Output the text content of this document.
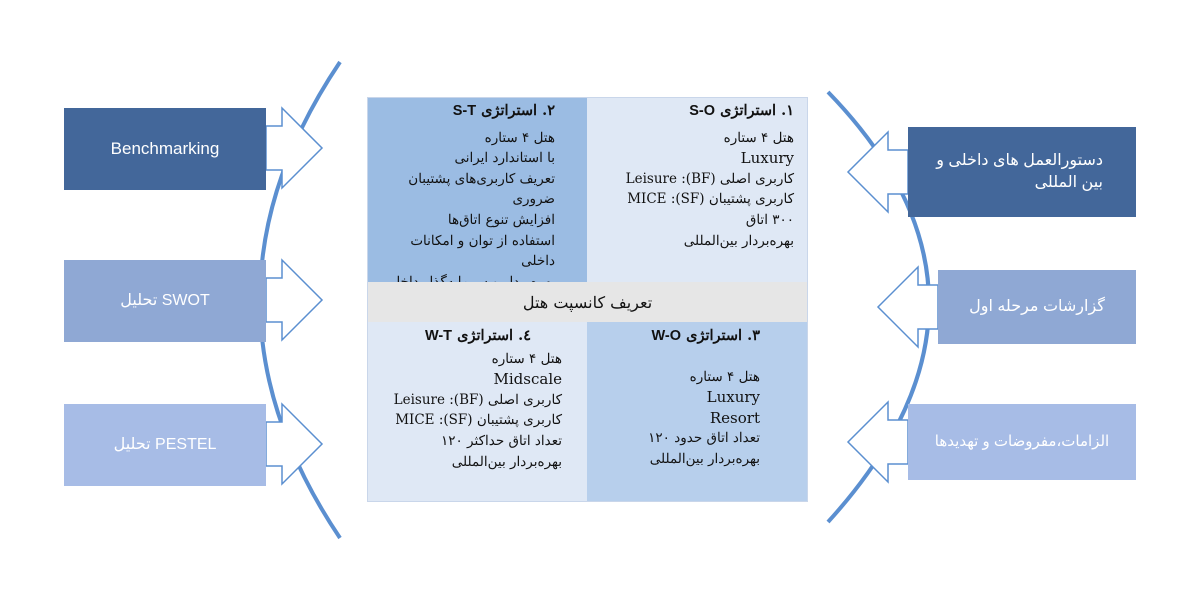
Benchmarking
تحلیل SWOT
تحلیل PESTEL
دستورالعمل های داخلی و بین المللی
گزارشات مرحله اول
الزامات،مفروضات و تهدیدها
۱. استراتژی S-O
هتل ۴ ستاره
Luxury
کاربری اصلی (BF): Leisure
کاربری پشتیبان (SF): MICE
۳۰۰ اتاق
بهره‌بردار بین‌المللی
۲. استراتژی S-T
هتل ۴ ستاره
با استاندارد ایرانی
تعریف کاربری‌های پشتیبان ضروری
افزایش تنوع اتاق‌ها
استفاده از توان و امکانات داخلی
تعریف کانسپت هتل
۳. استراتژی W-O
هتل ۴ ستاره
Luxury
Resort
تعداد اتاق حدود ۱۲۰
بهره‌بردار بین‌المللی
٤. استراتژی W-T
هتل ۴ ستاره
Midscale
کاربری اصلی (BF): Leisure
کاربری پشتیبان (SF): MICE
تعداد اتاق حداکثر ۱۲۰
بهره‌بردار بین‌المللی
